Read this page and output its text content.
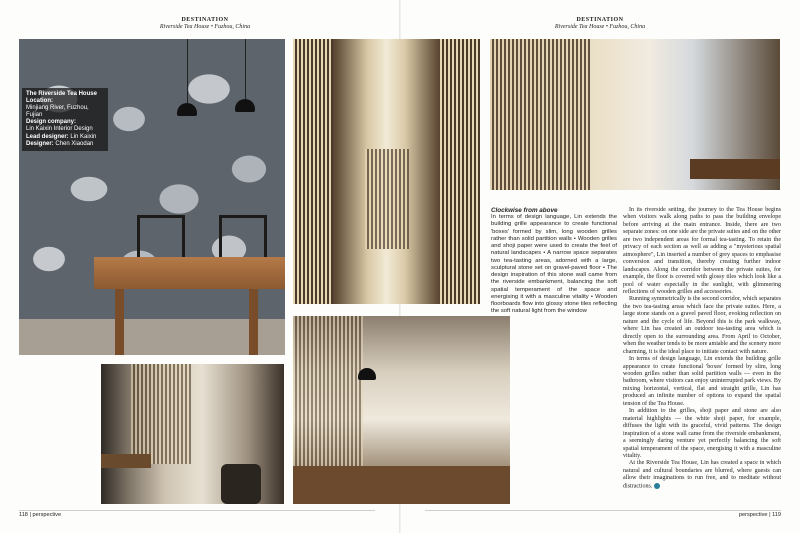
DESTINATION
Riverside Tea House • Fuzhou, China
DESTINATION
Riverside Tea House • Fuzhou, China
The Riverside Tea House
Location:
Minjiang River, Fuzhou, Fujian
Design company:
Lin Kaixin Interior Design
Lead designer: Lin Kaixin
Designer: Chen Xiaodan
Clockwise from above
In terms of design language, Lin extends the building grille appearance to create functional 'boxes' formed by slim, long wooden grilles rather than solid partition walls • Wooden grilles and shoji paper were used to create the feel of natural landscapes • A narrow space separates two tea-tasting areas, adorned with a large, sculptural stone set on gravel-paved floor • The design inspiration of this stone wall came from the riverside embankment, balancing the soft spatial temperament of the space and energising it with a masculine vitality • Wooden floorboards flow into glossy stone tiles reflecting the soft natural light from the window

In its riverside setting, the journey to the Tea House begins when visitors walk along paths to pass the building envelope before arriving at the main entrance. Inside, there are two separate zones: on one side are the private suites and on the other are two independent areas for formal tea-tasting. To retain the privacy of each section as well as adding a "mysterious spatial atmosphere", Lin inserted a number of grey spaces to emphasise conversion and transition, thereby creating further indoor landscapes. Along the corridor between the private suites, for example, the floor is covered with glossy tiles which look like a pool of water especially in the sunlight, with glimmering reflections of wooden grilles and accessories.

Running symmetrically is the second corridor, which separates the two tea-tasting areas which face the private suites. Here, a large stone stands on a gravel paved floor, evoking reflection on nature and the cycle of life. Beyond this is the park walkway, where Lin has created an outdoor tea-tasting area which is directly open to the surrounding area. From April to October, when the weather tends to be more amiable and the scenery more charming, it is the ideal place to initiate contact with nature.

In terms of design language, Lin extends the building grille appearance to create functional 'boxes' formed by slim, long wooden grilles rather than solid partition walls — even in the bathroom, where visitors can enjoy uninterrupted park views. By mixing horizontal, vertical, flat and straight grille, Lin has produced an infinite number of options to expand the spatial tension of the Tea House.

In addition to the grilles, shoji paper and stone are also material highlights — the white shoji paper, for example, diffuses the light with its graceful, vivid patterns. The design inspiration of a stone wall came from the riverside embankment, a seemingly daring venture yet perfectly balancing the soft spatial temperament of the space, energising it with a masculine vitality.

At the Riverside Tea House, Lin has created a space in which natural and cultural boundaries are blurred, where guests can allow their imaginations to run free, and to meditate without distractions.

118 | perspective	perspective | 119
